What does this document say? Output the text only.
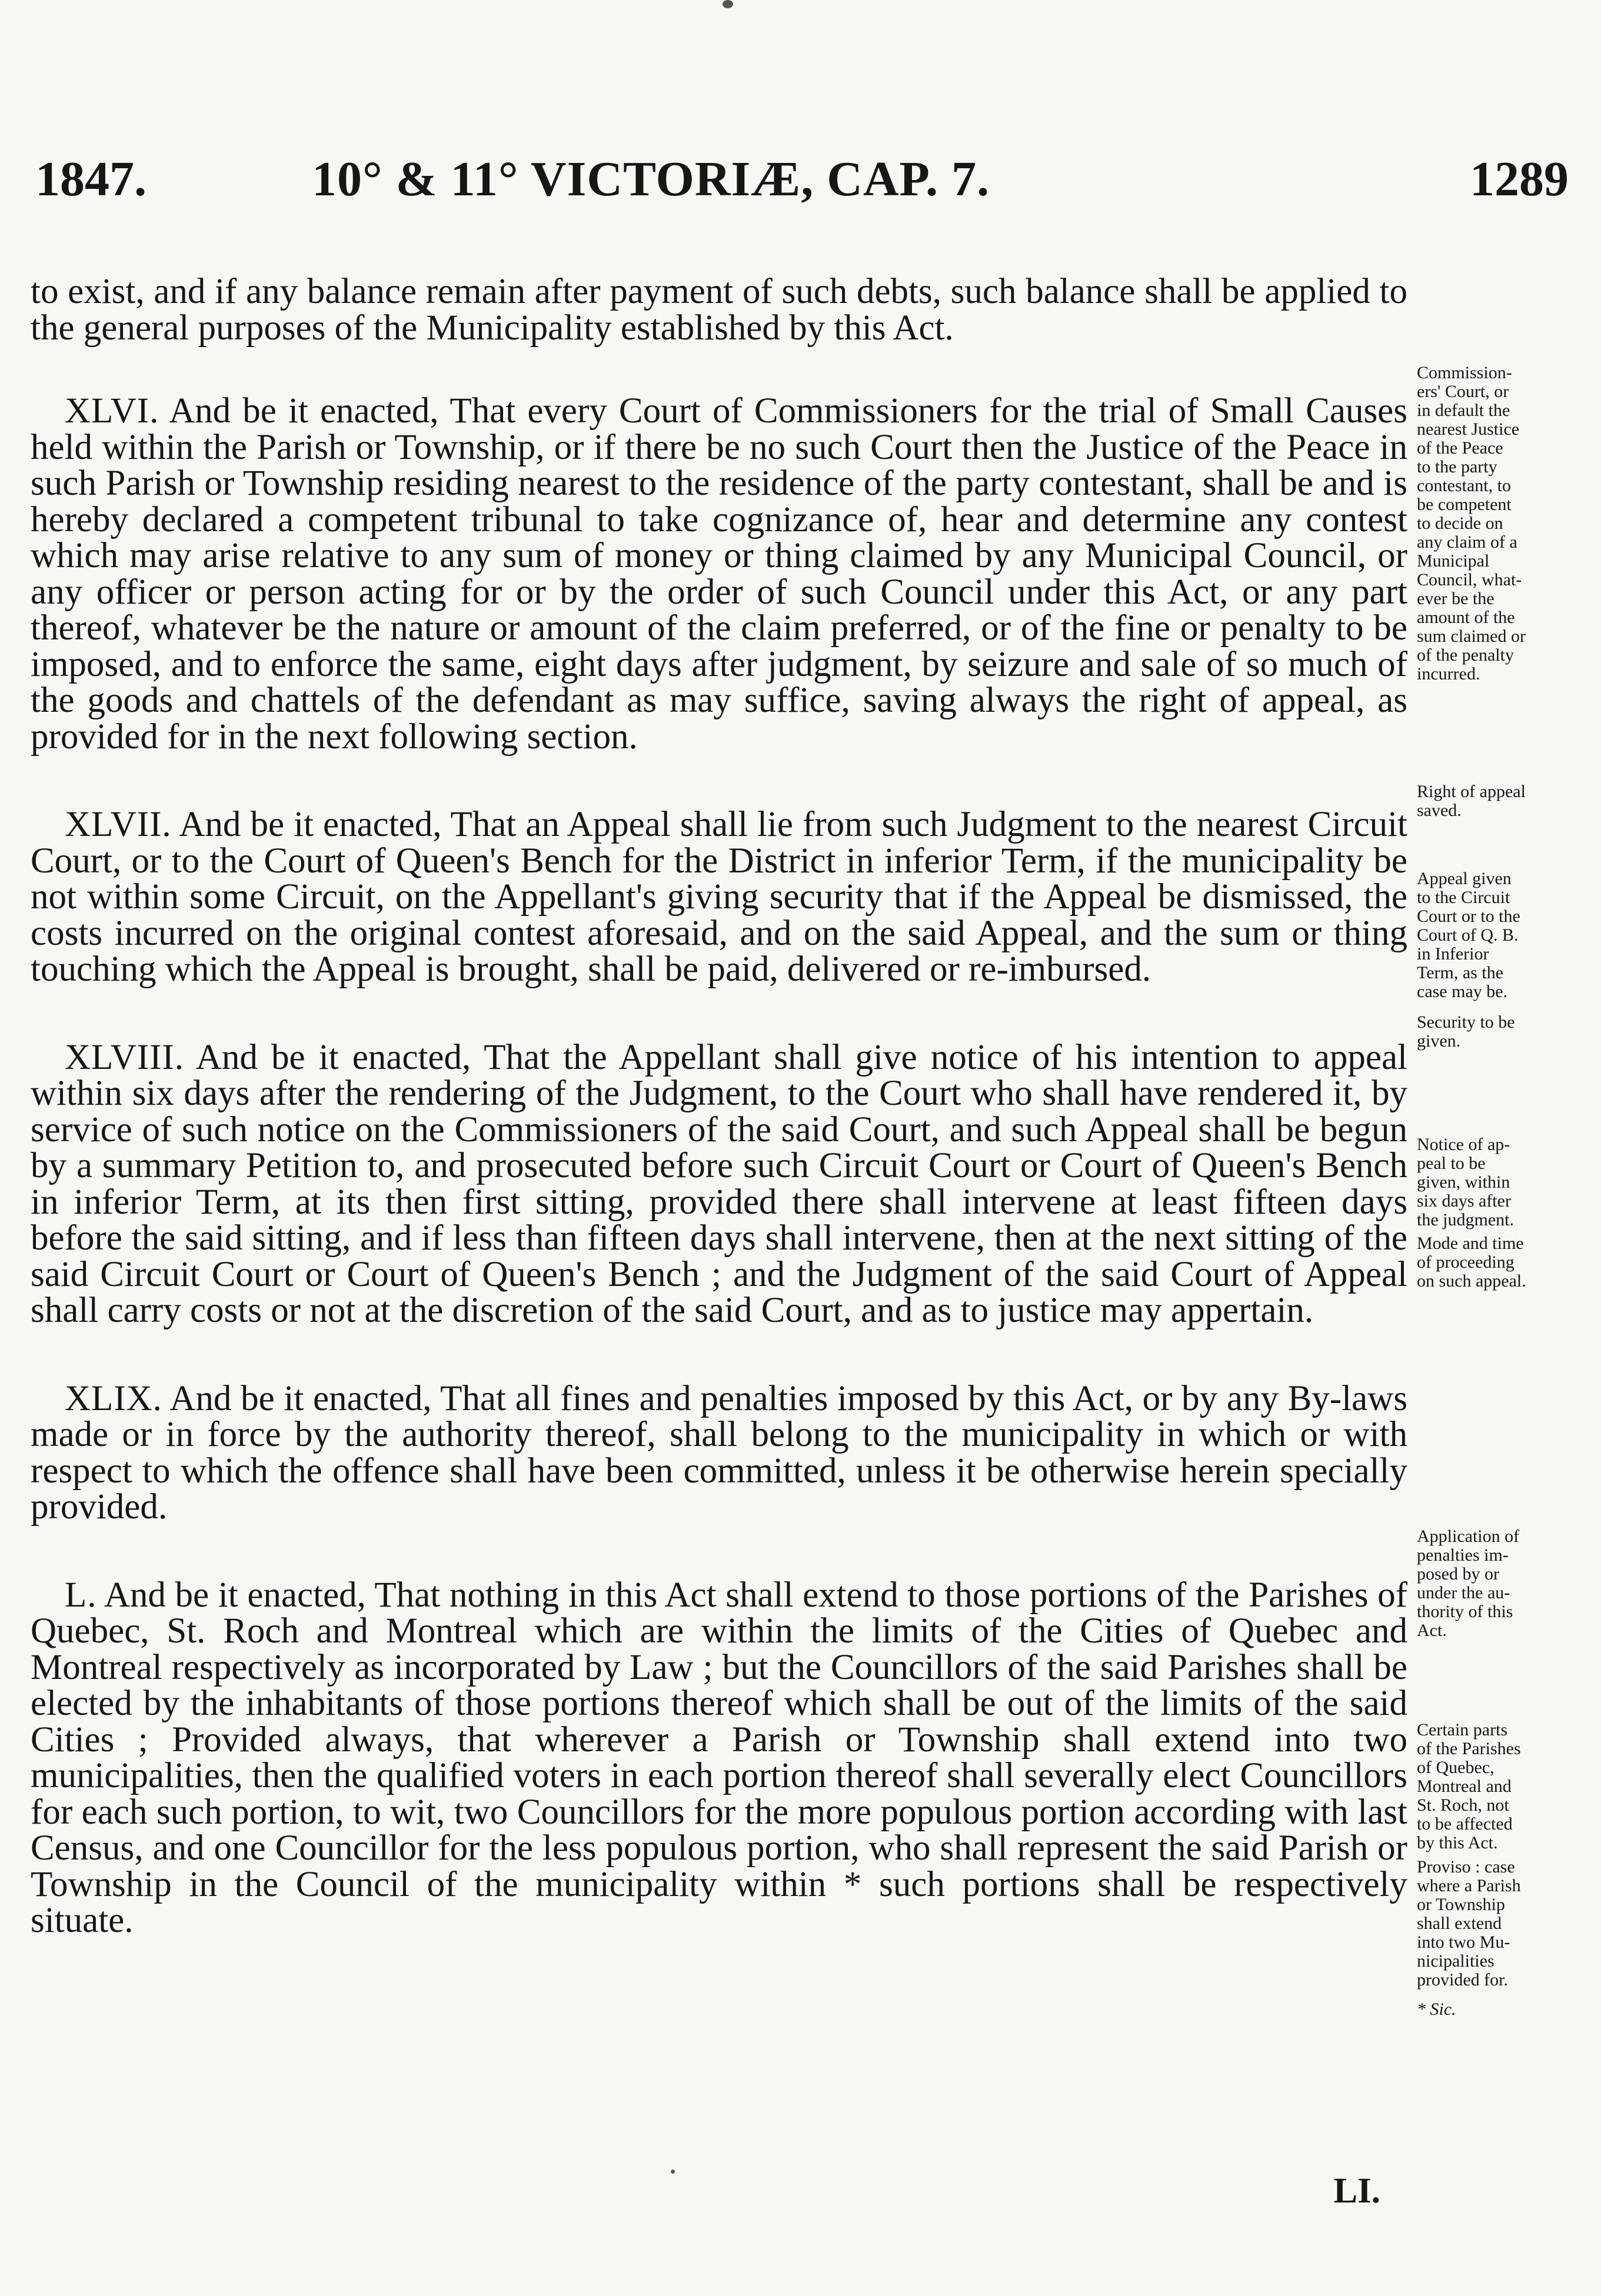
1847.	10° & 11° VICTORIÆ, CAP. 7.	1289

to exist, and if any balance remain after payment of such debts, such balance shall be applied to the general purposes of the Municipality established by this Act.

XLVI. And be it enacted, That every Court of Commissioners for the trial of Small Causes held within the Parish or Township, or if there be no such Court then the Justice of the Peace in such Parish or Township residing nearest to the residence of the party contestant, shall be and is hereby declared a competent tribunal to take cognizance of, hear and determine any contest which may arise relative to any sum of money or thing claimed by any Municipal Council, or any officer or person acting for or by the order of such Council under this Act, or any part thereof, whatever be the nature or amount of the claim preferred, or of the fine or penalty to be imposed, and to enforce the same, eight days after judgment, by seizure and sale of so much of the goods and chattels of the defendant as may suffice, saving always the right of appeal, as provided for in the next following section.

XLVII. And be it enacted, That an Appeal shall lie from such Judgment to the nearest Circuit Court, or to the Court of Queen's Bench for the District in inferior Term, if the municipality be not within some Circuit, on the Appellant's giving security that if the Appeal be dismissed, the costs incurred on the original contest aforesaid, and on the said Appeal, and the sum or thing touching which the Appeal is brought, shall be paid, delivered or re-imbursed.

XLVIII. And be it enacted, That the Appellant shall give notice of his intention to appeal within six days after the rendering of the Judgment, to the Court who shall have rendered it, by service of such notice on the Commissioners of the said Court, and such Appeal shall be begun by a summary Petition to, and prosecuted before such Circuit Court or Court of Queen's Bench in inferior Term, at its then first sitting, provided there shall intervene at least fifteen days before the said sitting, and if less than fifteen days shall intervene, then at the next sitting of the said Circuit Court or Court of Queen's Bench ; and the Judgment of the said Court of Appeal shall carry costs or not at the discretion of the said Court, and as to justice may appertain.

XLIX. And be it enacted, That all fines and penalties imposed by this Act, or by any By-laws made or in force by the authority thereof, shall belong to the municipality in which or with respect to which the offence shall have been committed, unless it be otherwise herein specially provided.

L. And be it enacted, That nothing in this Act shall extend to those portions of the Parishes of Quebec, St. Roch and Montreal which are within the limits of the Cities of Quebec and Montreal respectively as incorporated by Law ; but the Councillors of the said Parishes shall be elected by the inhabitants of those portions thereof which shall be out of the limits of the said Cities ; Provided always, that wherever a Parish or Township shall extend into two municipalities, then the qualified voters in each portion thereof shall severally elect Councillors for each such portion, to wit, two Councillors for the more populous portion according with last Census, and one Councillor for the less populous portion, who shall represent the said Parish or Township in the Council of the municipality within * such portions shall be respectively situate.

Commission-
ers' Court, or
in default the
nearest Justice
of the Peace
to the party
contestant, to
be competent
to decide on
any claim of a
Municipal
Council, what-
ever be the
amount of the
sum claimed or
of the penalty
incurred.
Right of appeal
saved.
Appeal given
to the Circuit
Court or to the
Court of Q. B.
in Inferior
Term, as the
case may be.
Security to be
given.
Notice of ap-
peal to be
given, within
six days after
the judgment.
Mode and time
of proceeding
on such appeal.
Application of
penalties im-
posed by or
under the au-
thority of this
Act.
Certain parts
of the Parishes
of Quebec,
Montreal and
St. Roch, not
to be affected
by this Act.
Proviso : case
where a Parish
or Township
shall extend
into two Mu-
nicipalities
provided for.
* Sic.
LI.
